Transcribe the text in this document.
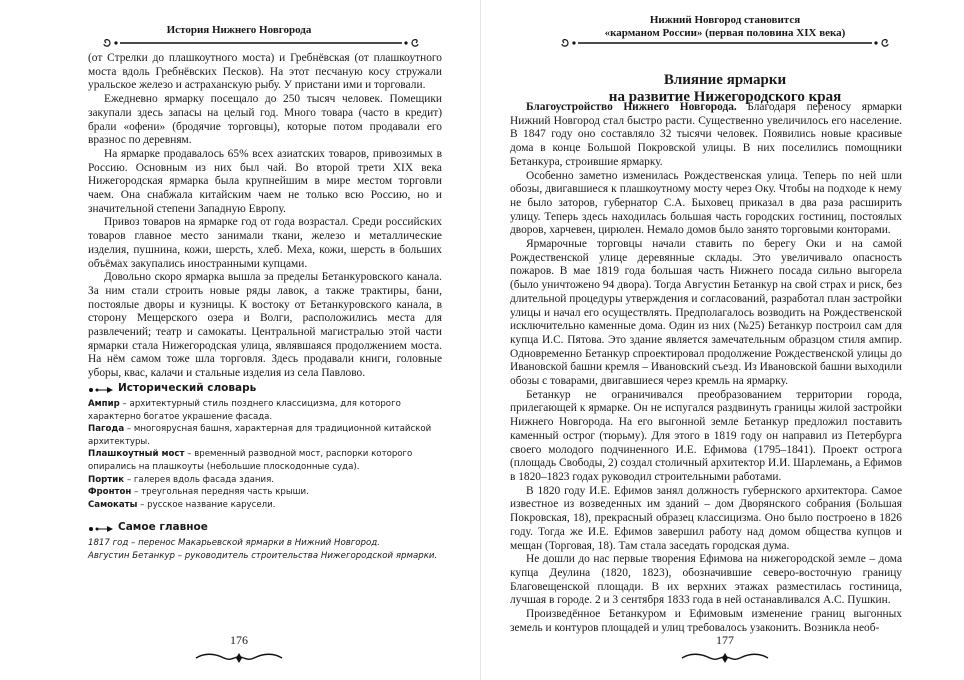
История Нижнего Новгорода

(от Стрелки до плашкоутного моста) и Гребнёвская (от плашкоутного моста вдоль Гребнёвских Песков). На этот песчаную косу стружали уральское железо и астраханскую рыбу. У пристани ими и торговали.

Ежедневно ярмарку посещало до 250 тысяч человек. Помещики закупали здесь запасы на целый год. Много товара (часто в кредит) брали «офени» (бродячие торговцы), которые потом продавали его вразнос по деревням.

На ярмарке продавалось 65% всех азиатских товаров, привозимых в Россию. Основным из них был чай. Во второй трети XIX века Нижегородская ярмарка была крупнейшим в мире местом торговли чаем. Она снабжала китайским чаем не только всю Россию, но и значительной степени Западную Европу.

Привоз товаров на ярмарке год от года возрастал. Среди российских товаров главное место занимали ткани, железо и металлические изделия, пушнина, кожи, шерсть, хлеб. Меха, кожи, шерсть в больших объёмах закупались иностранными купцами.

Довольно скоро ярмарка вышла за пределы Бетанкуровского канала. За ним стали строить новые ряды лавок, а также трактиры, бани, постоялые дворы и кузницы. К востоку от Бетанкуровского канала, в сторону Мещерского озера и Волги, расположились места для развлечений; театр и самокаты. Центральной магистралью этой части ярмарки стала Нижегородская улица, являвшаяся продолжением моста. На нём самом тоже шла торговля. Здесь продавали книги, головные уборы, квас, калачи и стальные изделия из села Павлово.

Исторический словарь

Ампир – архитектурный стиль позднего классицизма, для которого характерно богатое украшение фасада.

Пагода – многоярусная башня, характерная для традиционной китайской архитектуры.

Плашкоутный мост – временный разводной мост, распорки которого опирались на плашкоуты (небольшие плоскодонные суда).

Портик – галерея вдоль фасада здания.

Фронтон – треугольная передняя часть крыши.

Самокаты – русское название карусели.

Самое главное

1817 год – перенос Макарьевской ярмарки в Нижний Новгород.

Августин Бетанкур – руководитель строительства Нижегородской ярмарки.

176
Нижний Новгород становится
«карманом России» (первая половина XIX века)
Влияние ярмарки
на развитие Нижегородского края

Благоустройство Нижнего Новгорода. Благодаря переносу ярмарки Нижний Новгород стал быстро расти. Существенно увеличилось его население. В 1847 году оно составляло 32 тысячи человек. Появились новые красивые дома в конце Большой Покровской улицы. В них поселились помощники Бетанкура, строившие ярмарку.

Особенно заметно изменилась Рождественская улица. Теперь по ней шли обозы, двигавшиеся к плашкоутному мосту через Оку. Чтобы на подходе к нему не было заторов, губернатор С.А. Быховец приказал в два раза расширить улицу. Теперь здесь находилась большая часть городских гостиниц, постоялых дворов, харчевен, цирюлен. Немало домов было занято торговыми конторами.

Ярмарочные торговцы начали ставить по берегу Оки и на самой Рождественской улице деревянные склады. Это увеличивало опасность пожаров. В мае 1819 года большая часть Нижнего посада сильно выгорела (было уничтожено 94 двора). Тогда Августин Бетанкур на свой страх и риск, без длительной процедуры утверждения и согласований, разработал план застройки улицы и начал его осуществлять. Предполагалось возводить на Рождественской исключительно каменные дома. Один из них (№25) Бетанкур построил сам для купца И.С. Пятова. Это здание является замечательным образцом стиля ампир. Одновременно Бетанкур спроектировал продолжение Рождественской улицы до Ивановской башни кремля – Ивановский съезд. Из Ивановской башни выходили обозы с товарами, двигавшиеся через кремль на ярмарку.

Бетанкур не ограничивался преобразованием территории города, прилегающей к ярмарке. Он не испугался раздвинуть границы жилой застройки Нижнего Новгорода. На его выгонной земле Бетанкур предложил поставить каменный острог (тюрьму). Для этого в 1819 году он направил из Петербурга своего молодого подчиненного И.Е. Ефимова (1795–1841). Проект острога (площадь Свободы, 2) создал столичный архитектор И.И. Шарлемань, а Ефимов в 1820–1823 годах руководил строительными работами.

В 1820 году И.Е. Ефимов занял должность губернского архитектора. Самое известное из возведенных им зданий – дом Дворянского собрания (Большая Покровская, 18), прекрасный образец классицизма. Оно было построено в 1826 году. Тогда же И.Е. Ефимов завершил работу над домом общества купцов и мещан (Торговая, 18). Там стала заседать городская дума.

Не дошли до нас первые творения Ефимова на нижегородской земле – дома купца Деулина (1820, 1823), обозначившие северо-восточную границу Благовещенской площади. В их верхних этажах разместилась гостиница, лучшая в городе. 2 и 3 сентября 1833 года в ней останавливался А.С. Пушкин.

Произведённое Бетанкуром и Ефимовым изменение границ выгонных земель и контуров площадей и улиц требовалось узаконить. Возникла необ-

177
